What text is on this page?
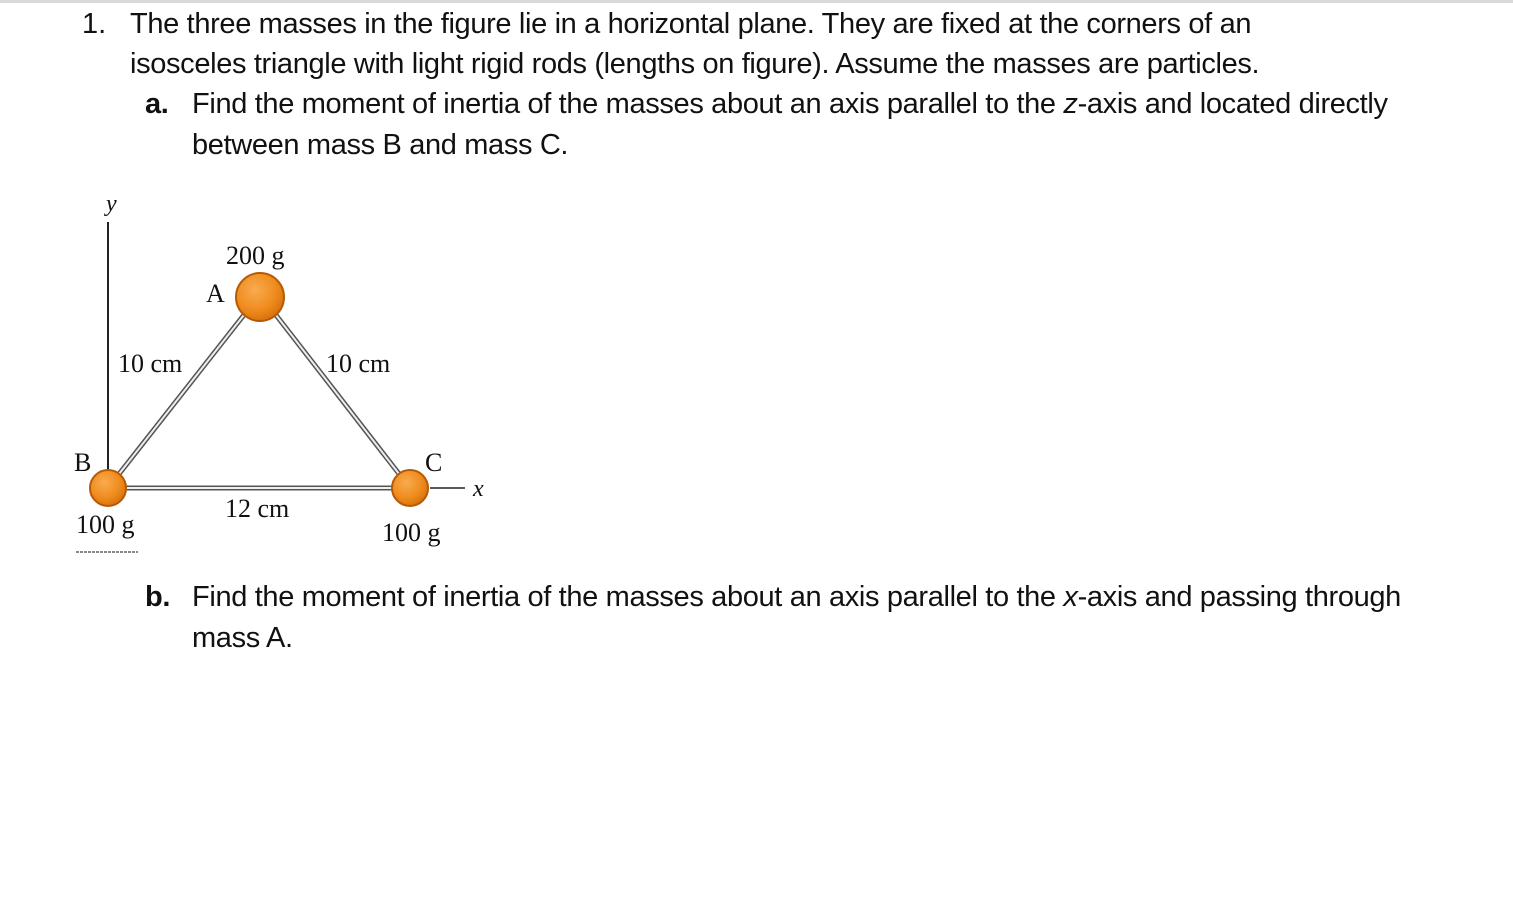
1. The three masses in the figure lie in a horizontal plane. They are fixed at the corners of an
isosceles triangle with light rigid rods (lengths on figure). Assume the masses are particles.
a. Find the moment of inertia of the masses about an axis parallel to the z-axis and located directly between mass B and mass C.
y
x
200 g
A
B
100 g
C
100 g
10 cm	10 cm
12 cm
b. Find the moment of inertia of the masses about an axis parallel to the x-axis and passing through mass A.
